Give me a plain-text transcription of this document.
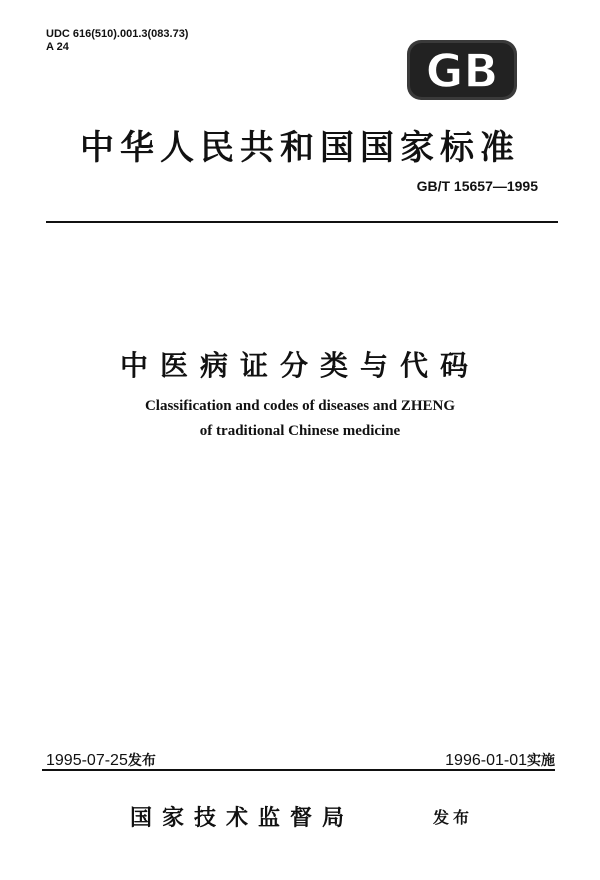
UDC 616(510).001.3(083.73)
A 24	GB
中华人民共和国国家标准
GB/T 15657—1995
中医病证分类与代码
Classification and codes of diseases and ZHENG
of traditional Chinese medicine
1995-07-25发布	1996-01-01实施
国家技术监督局	发布
